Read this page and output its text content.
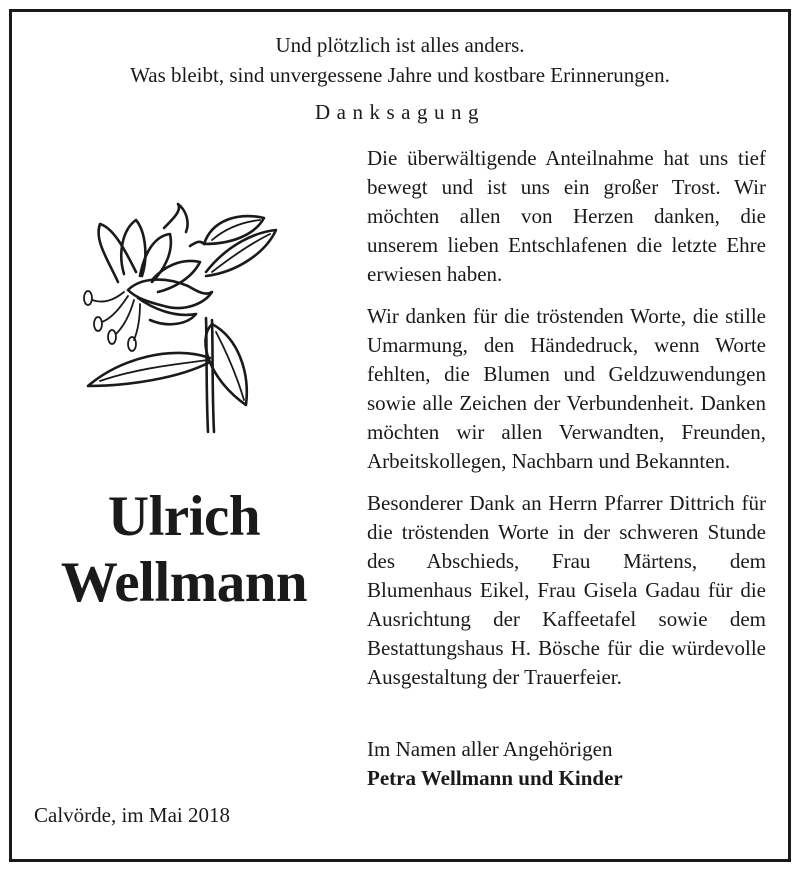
Und plötzlich ist alles anders.
Was bleibt, sind unvergessene Jahre und kostbare Erinnerungen.
Danksagung
Ulrich
Wellmann

Die überwältigende Anteilnahme hat uns tief bewegt und ist uns ein großer Trost. Wir möchten allen von Herzen danken, die unserem lieben Entschlafenen die letzte Ehre erwiesen haben.

Wir danken für die tröstenden Worte, die stille Umarmung, den Händedruck, wenn Worte fehlten, die Blumen und Geldzuwendungen sowie alle Zeichen der Verbundenheit. Danken möchten wir allen Verwandten, Freunden, Arbeitskollegen, Nachbarn und Bekannten.

Besonderer Dank an Herrn Pfarrer Dittrich für die tröstenden Worte in der schweren Stunde des Abschieds, Frau Märtens, dem Blumenhaus Eikel, Frau Gisela Gadau für die Ausrichtung der Kaffeetafel sowie dem Bestattungshaus H. Bösche für die würdevolle Ausgestaltung der Trauerfeier.

Im Namen aller Angehörigen
Petra Wellmann und Kinder
Calvörde, im Mai 2018
